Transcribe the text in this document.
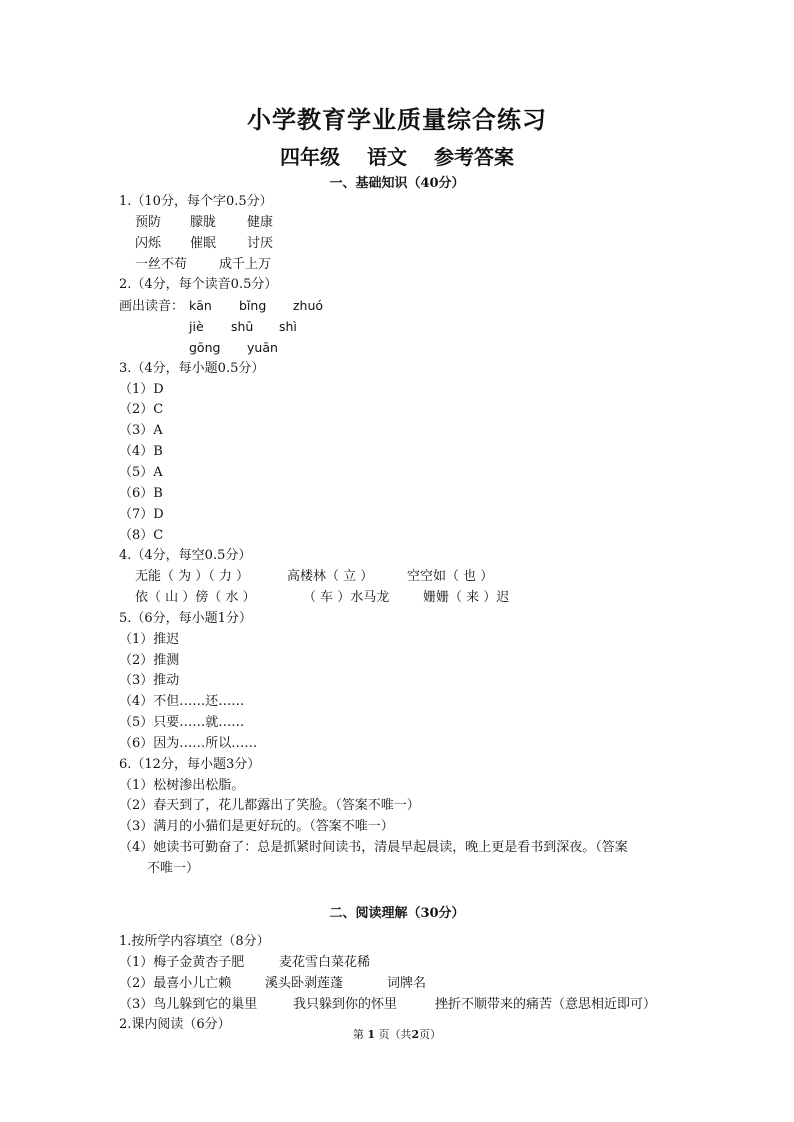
小学教育学业质量综合练习
四年级 语文 参考答案
一、基础知识（40分）
1.（10分，每个字0.5分）
预防 朦胧 健康
闪烁 催眠 讨厌
一丝不苟 成千上万
2.（4分，每个读音0.5分）
画出读音： kān bǐng zhuó
jiè shū shì
gōng yuān
3.（4分，每小题0.5分）
（1）D
（2）C
（3）A
（4）B
（5）A
（6）B
（7）D
（8）C
4.（4分，每空0.5分）
无能（ 为 ）（ 力 ）	高楼林（ 立 ）	空空如（ 也 ）
依（ 山 ）傍（ 水 ）	（ 车 ）水马龙	姗姗（ 来 ）迟
5.（6分，每小题1分）
（1）推迟
（2）推测
（3）推动
（4）不但……还……
（5）只要……就……
（6）因为……所以……
6.（12分，每小题3分）
（1）松树渗出松脂。
（2）春天到了，花儿都露出了笑脸。（答案不唯一）
（3）满月的小猫们是更好玩的。（答案不唯一）
（4）她读书可勤奋了：总是抓紧时间读书，清晨早起晨读，晚上更是看书到深夜。（答案
不唯一）
二、阅读理解（30分）
1.按所学内容填空（8分）
（1）梅子金黄杏子肥	麦花雪白菜花稀
（2）最喜小儿亡赖	溪头卧剥莲蓬	词牌名
（3）鸟儿躲到它的巢里	我只躲到你的怀里	挫折不顺带来的痛苦（意思相近即可）
2.课内阅读（6分）
第 1 页（共2页）
